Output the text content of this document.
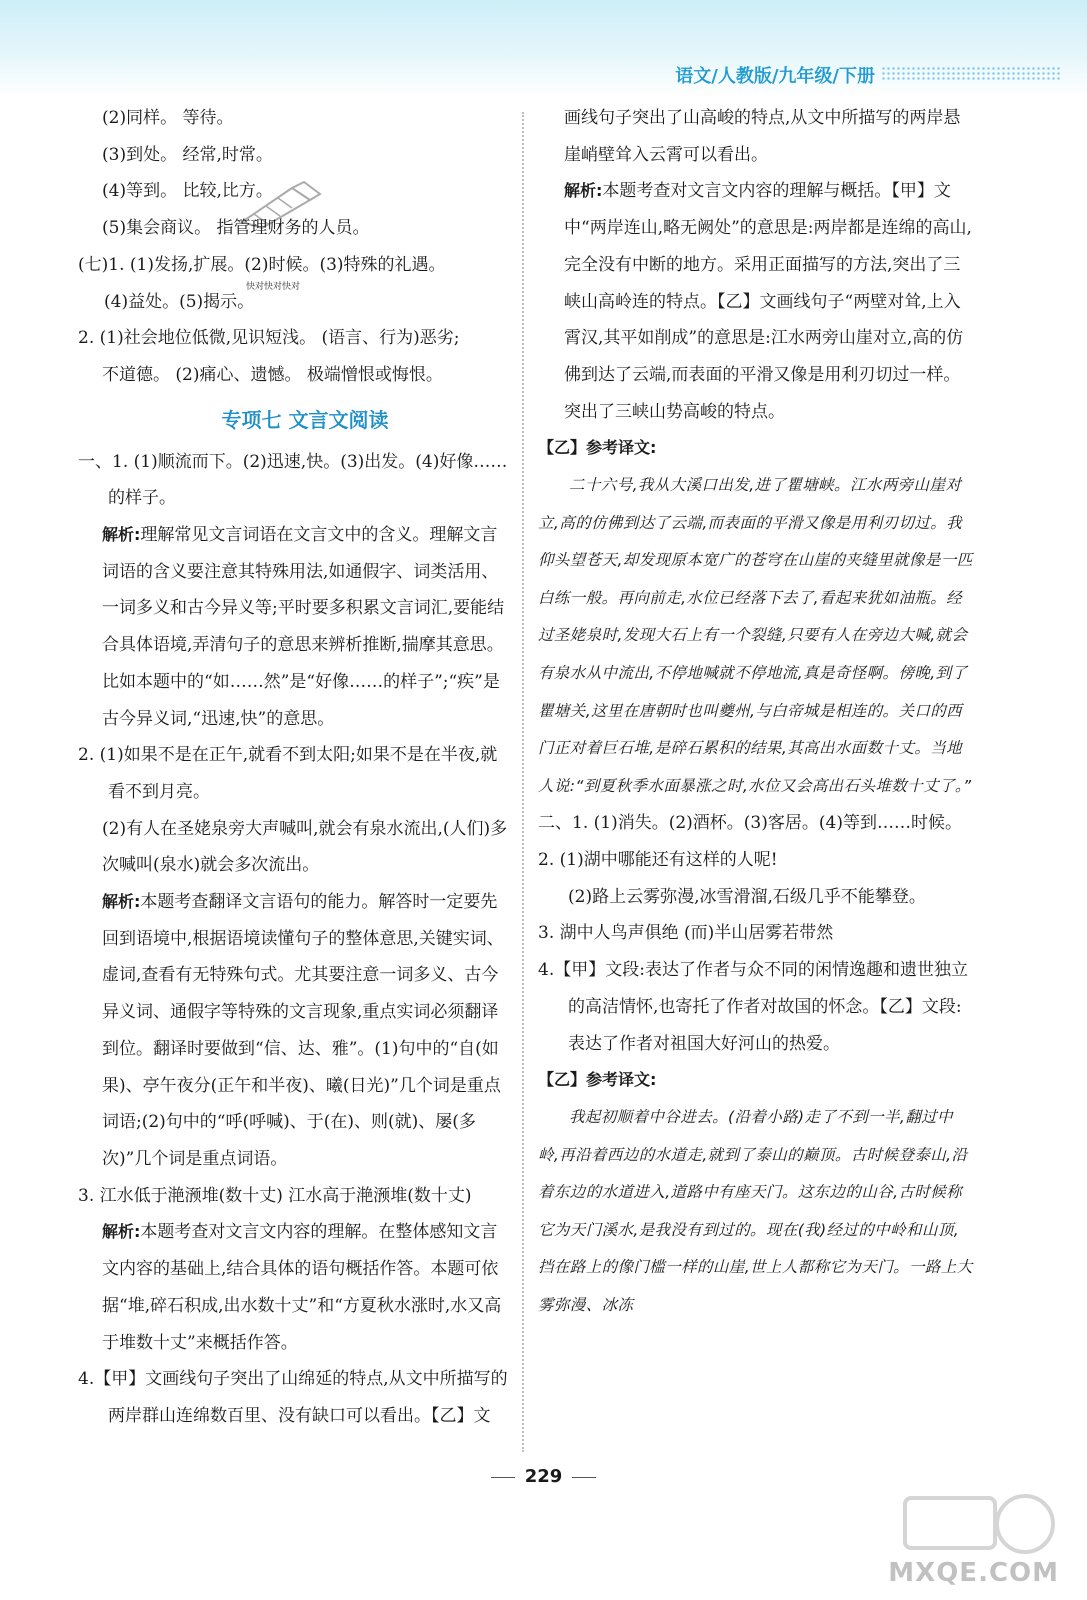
语文/人教版/九年级/下册
快对快对快对

(2)同样。 等待。

(3)到处。 经常,时常。

(4)等到。 比较,比方。

(5)集会商议。 指管理财务的人员。

(七)1. (1)发扬,扩展。(2)时候。(3)特殊的礼遇。

(4)益处。(5)揭示。

2. (1)社会地位低微,见识短浅。 (语言、行为)恶劣;

不道德。 (2)痛心、遗憾。 极端憎恨或悔恨。

专项七 文言文阅读

一、1. (1)顺流而下。(2)迅速,快。(3)出发。(4)好像……的样子。

解析:理解常见文言词语在文言文中的含义。理解文言词语的含义要注意其特殊用法,如通假字、词类活用、一词多义和古今异义等;平时要多积累文言词汇,要能结合具体语境,弄清句子的意思来辨析推断,揣摩其意思。比如本题中的“如……然”是“好像……的样子”;“疾”是古今异义词,“迅速,快”的意思。

2. (1)如果不是在正午,就看不到太阳;如果不是在半夜,就看不到月亮。

(2)有人在圣姥泉旁大声喊叫,就会有泉水流出,(人们)多次喊叫(泉水)就会多次流出。

解析:本题考查翻译文言语句的能力。解答时一定要先回到语境中,根据语境读懂句子的整体意思,关键实词、虚词,查看有无特殊句式。尤其要注意一词多义、古今异义词、通假字等特殊的文言现象,重点实词必须翻译到位。翻译时要做到“信、达、雅”。(1)句中的“自(如果)、亭午夜分(正午和半夜)、曦(日光)”几个词是重点词语;(2)句中的“呼(呼喊)、于(在)、则(就)、屡(多次)”几个词是重点词语。

3. 江水低于滟滪堆(数十丈) 江水高于滟滪堆(数十丈)

解析:本题考查对文言文内容的理解。在整体感知文言文内容的基础上,结合具体的语句概括作答。本题可依据“堆,碎石积成,出水数十丈”和“方夏秋水涨时,水又高于堆数十丈”来概括作答。

4.【甲】文画线句子突出了山绵延的特点,从文中所描写的两岸群山连绵数百里、没有缺口可以看出。【乙】文

画线句子突出了山高峻的特点,从文中所描写的两岸悬崖峭壁耸入云霄可以看出。

解析:本题考查对文言文内容的理解与概括。【甲】文中“两岸连山,略无阙处”的意思是:两岸都是连绵的高山,完全没有中断的地方。采用正面描写的方法,突出了三峡山高岭连的特点。【乙】文画线句子“两壁对耸,上入霄汉,其平如削成”的意思是:江水两旁山崖对立,高的仿佛到达了云端,而表面的平滑又像是用利刃切过一样。突出了三峡山势高峻的特点。

【乙】参考译文:

二十六号,我从大溪口出发,进了瞿塘峡。江水两旁山崖对立,高的仿佛到达了云端,而表面的平滑又像是用利刃切过。我仰头望苍天,却发现原本宽广的苍穹在山崖的夹缝里就像是一匹白练一般。再向前走,水位已经落下去了,看起来犹如油瓶。经过圣姥泉时,发现大石上有一个裂缝,只要有人在旁边大喊,就会有泉水从中流出,不停地喊就不停地流,真是奇怪啊。傍晚,到了瞿塘关,这里在唐朝时也叫夔州,与白帝城是相连的。关口的西门正对着巨石堆,是碎石累积的结果,其高出水面数十丈。当地人说:“到夏秋季水面暴涨之时,水位又会高出石头堆数十丈了。”

二、1. (1)消失。(2)酒杯。(3)客居。(4)等到……时候。

2. (1)湖中哪能还有这样的人呢!

(2)路上云雾弥漫,冰雪滑溜,石级几乎不能攀登。

3. 湖中人鸟声俱绝 (而)半山居雾若带然

4.【甲】文段:表达了作者与众不同的闲情逸趣和遗世独立的高洁情怀,也寄托了作者对故国的怀念。【乙】文段:表达了作者对祖国大好河山的热爱。

【乙】参考译文:

我起初顺着中谷进去。(沿着小路)走了不到一半,翻过中岭,再沿着西边的水道走,就到了泰山的巅顶。古时候登泰山,沿着东边的水道进入,道路中有座天门。这东边的山谷,古时候称它为天门溪水,是我没有到过的。现在(我)经过的中岭和山顶,挡在路上的像门槛一样的山崖,世上人都称它为天门。一路上大雾弥漫、冰冻

229
MXQE.COM
